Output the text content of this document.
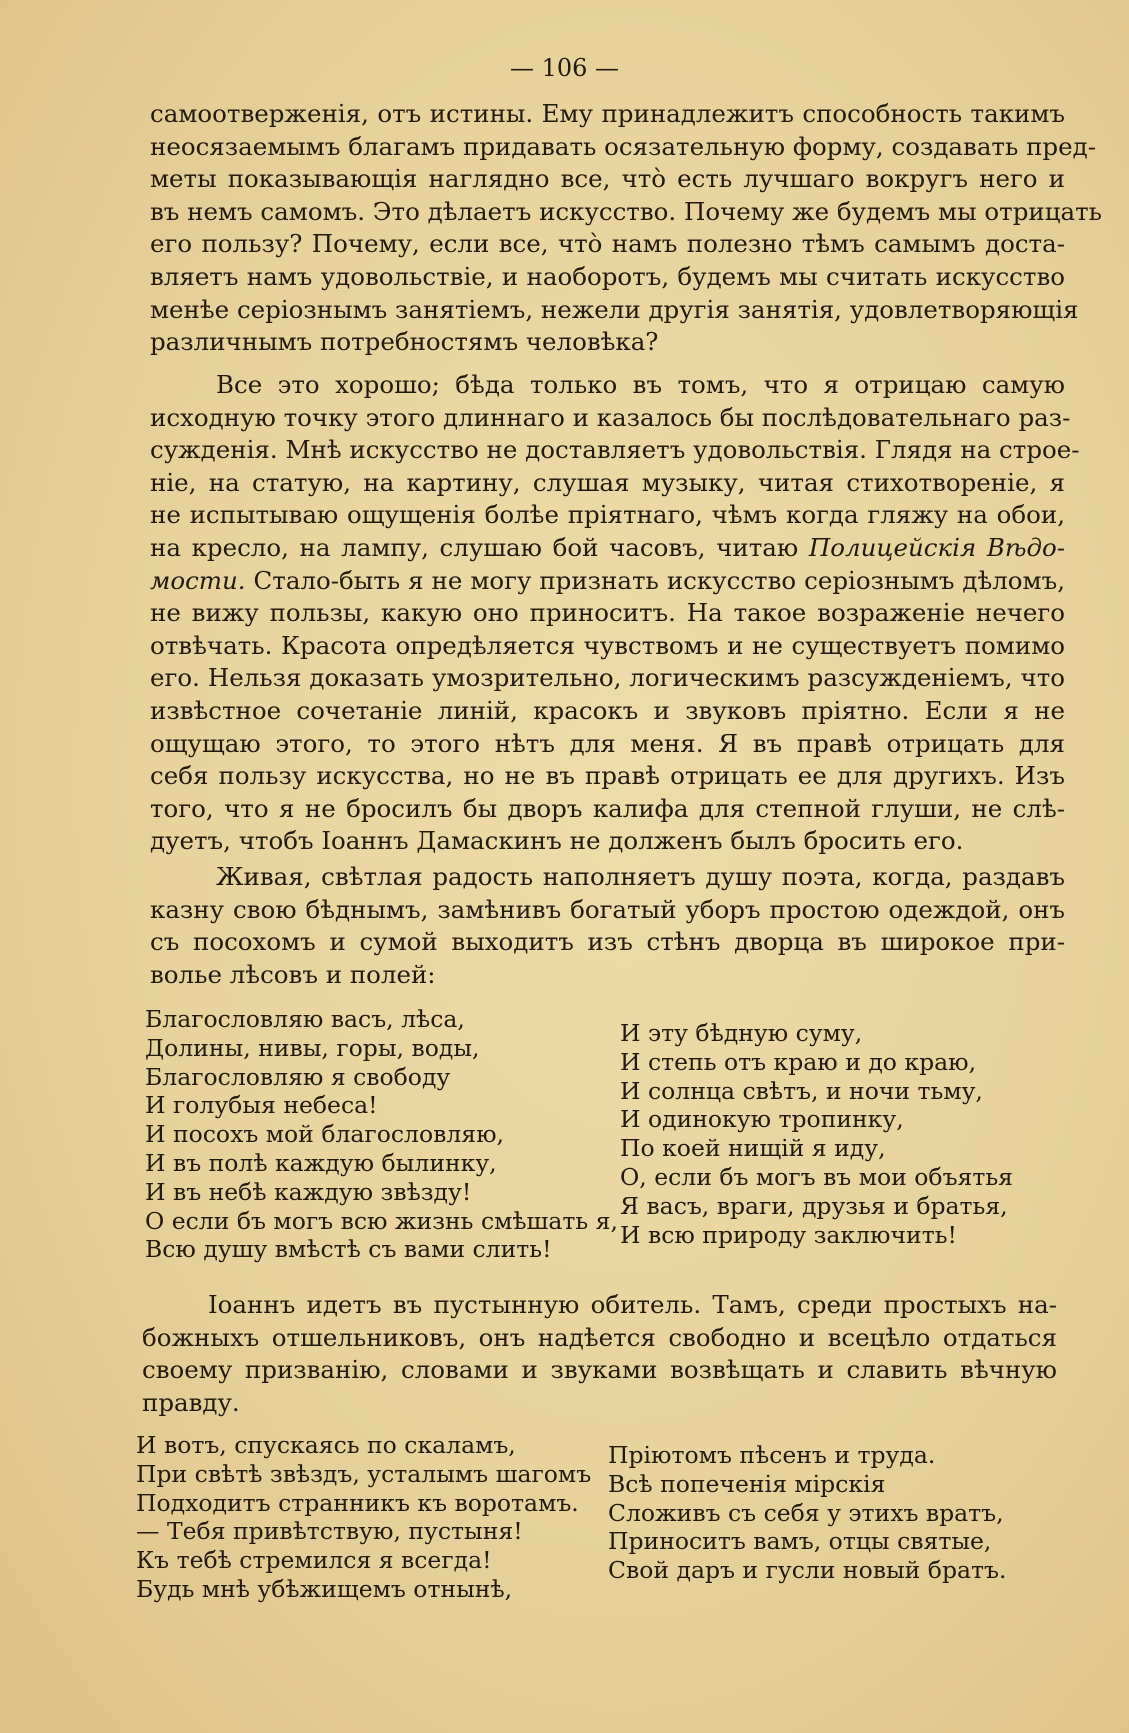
— 106 —

самоотверженія, отъ истины. Ему принадлежитъ способность такимъ
неосязаемымъ благамъ придавать осязательную форму, создавать пред-
меты показывающія наглядно все, чтò есть лучшаго вокругъ него и
въ немъ самомъ. Это дѣлаетъ искусство. Почему же будемъ мы отрицать
его пользу? Почему, если все, чтò намъ полезно тѣмъ самымъ доста-
вляетъ намъ удовольствіе, и наоборотъ, будемъ мы считать искусство
менѣе серіознымъ занятіемъ, нежели другія занятія, удовлетворяющія
различнымъ потребностямъ человѣка?

Все это хорошо; бѣда только въ томъ, что я отрицаю самую
исходную точку этого длиннаго и казалось бы послѣдовательнаго раз-
сужденія. Мнѣ искусство не доставляетъ удовольствія. Глядя на строе-
ніе, на статую, на картину, слушая музыку, читая стихотвореніе, я
не испытываю ощущенія болѣе пріятнаго, чѣмъ когда гляжу на обои,
на кресло, на лампу, слушаю бой часовъ, читаю Полицейскія Вѣдо-
мости. Стало-быть я не могу признать искусство серіознымъ дѣломъ,
не вижу пользы, какую оно приноситъ. На такое возраженіе нечего
отвѣчать. Красота опредѣляется чувствомъ и не существуетъ помимо
его. Нельзя доказать умозрительно, логическимъ разсужденіемъ, что
извѣстное сочетаніе линій, красокъ и звуковъ пріятно. Если я не
ощущаю этого, то этого нѣтъ для меня. Я въ правѣ отрицать для
себя пользу искусства, но не въ правѣ отрицать ее для другихъ. Изъ
того, что я не бросилъ бы дворъ калифа для степной глуши, не слѣ-
дуетъ, чтобъ Іоаннъ Дамаскинъ не долженъ былъ бросить его.

Живая, свѣтлая радость наполняетъ душу поэта, когда, раздавъ
казну свою бѣднымъ, замѣнивъ богатый уборъ простою одеждой, онъ
съ посохомъ и сумой выходитъ изъ стѣнъ дворца въ широкое при-
волье лѣсовъ и полей:

Благословляю васъ, лѣса,
Долины, нивы, горы, воды,
Благословляю я свободу
И голубыя небеса!
И посохъ мой благословляю,
И въ полѣ каждую былинку,
И въ небѣ каждую звѣзду!
О если бъ могъ всю жизнь смѣшать я,
Всю душу вмѣстѣ съ вами слить!
И эту бѣдную суму,
И степь отъ краю и до краю,
И солнца свѣтъ, и ночи тьму,
И одинокую тропинку,
По коей нищій я иду,
О, если бъ могъ въ мои объятья
Я васъ, враги, друзья и братья,
И всю природу заключить!

Іоаннъ идетъ въ пустынную обитель. Тамъ, среди простыхъ на-
божныхъ отшельниковъ, онъ надѣется свободно и всецѣло отдаться
своему призванію, словами и звуками возвѣщать и славить вѣчную
правду.

И вотъ, спускаясь по скаламъ,
При свѣтѣ звѣздъ, усталымъ шагомъ
Подходитъ странникъ къ воротамъ.
— Тебя привѣтствую, пустыня!
Къ тебѣ стремился я всегда!
Будь мнѣ убѣжищемъ отнынѣ,
Пріютомъ пѣсенъ и труда.
Всѣ попеченія мірскія
Сложивъ съ себя у этихъ вратъ,
Приноситъ вамъ, отцы святые,
Свой даръ и гусли новый братъ.
